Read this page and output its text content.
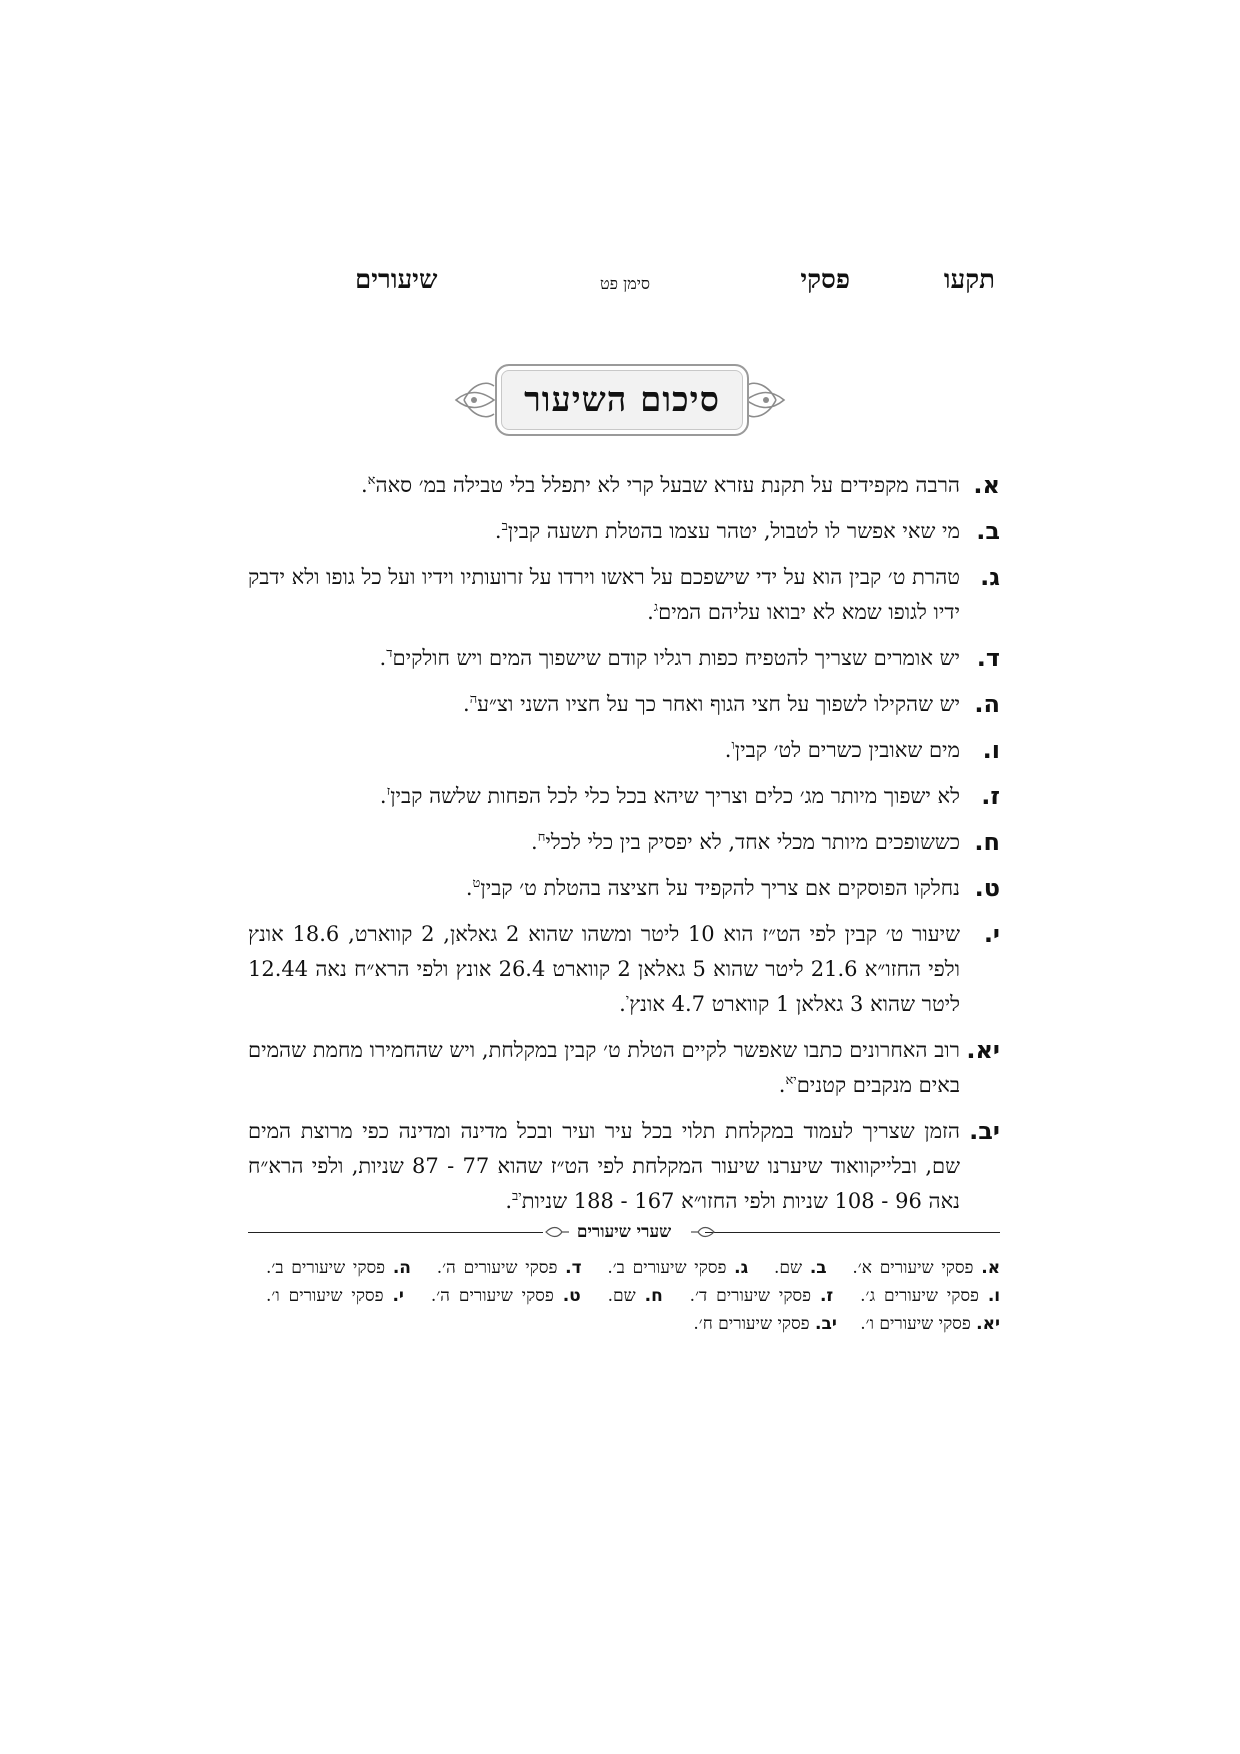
תקעו
פסקי
סימן פט
שיעורים
סיכום השיעור
א.
הרבה מקפידים על תקנת עזרא שבעל קרי לא יתפלל בלי טבילה במ׳ סאה$^א$.
ב.
מי שאי אפשר לו לטבול, יטהר עצמו בהטלת תשעה קבין$^ב$.
ג.
טהרת ט׳ קבין הוא על ידי שישפכם על ראשו וירדו על זרועותיו וידיו ועל כל גופו ולא ידבק ידיו לגופו שמא לא יבואו עליהם המים$^ג$.
ד.
יש אומרים שצריך להטפיח כפות רגליו קודם שישפוך המים ויש חולקים$^ד$.
ה.
יש שהקילו לשפוך על חצי הגוף ואחר כך על חציו השני וצ״ע$^ה$.
ו.
מים שאובין כשרים לט׳ קבין$^ו$.
ז.
לא ישפוך מיותר מג׳ כלים וצריך שיהא בכל כלי לכל הפחות שלשה קבין$^ז$.
ח.
כששופכים מיותר מכלי אחד, לא יפסיק בין כלי לכלי$^ח$.
ט.
נחלקו הפוסקים אם צריך להקפיד על חציצה בהטלת ט׳ קבין$^ט$.
י.
שיעור ט׳ קבין לפי הט״ז הוא 10 ליטר ומשהו שהוא 2 גאלאן, 2 קווארט, 18.6 אונץ ולפי החזו״א 21.6 ליטר שהוא 5 גאלאן 2 קווארט 26.4 אונץ ולפי הרא״ח נאה 12.44 ליטר שהוא 3 גאלאן 1 קווארט 4.7 אונץ$^י$.
יא.
רוב האחרונים כתבו שאפשר לקיים הטלת ט׳ קבין במקלחת, ויש שהחמירו מחמת שהמים באים מנקבים קטנים$^{יא}$.
יב.
הזמן שצריך לעמוד במקלחת תלוי בכל עיר ועיר ובכל מדינה ומדינה כפי מרוצת המים שם, ובלייקוואוד שיערנו שיעור המקלחת לפי הט״ז שהוא 77 - 87 שניות, ולפי הרא״ח נאה 96 - 108 שניות ולפי החזו״א 167 - 188 שניות$^{יב}$.
שערי שיעורים
א. פסקי שיעורים א׳. ב. שם. ג. פסקי שיעורים ב׳. ד. פסקי שיעורים ה׳. ה. פסקי שיעורים ב׳. ו. פסקי שיעורים ג׳. ז. פסקי שיעורים ד׳. ח. שם. ט. פסקי שיעורים ה׳. י. פסקי שיעורים ו׳. יא. פסקי שיעורים ו׳. יב. פסקי שיעורים ח׳.
